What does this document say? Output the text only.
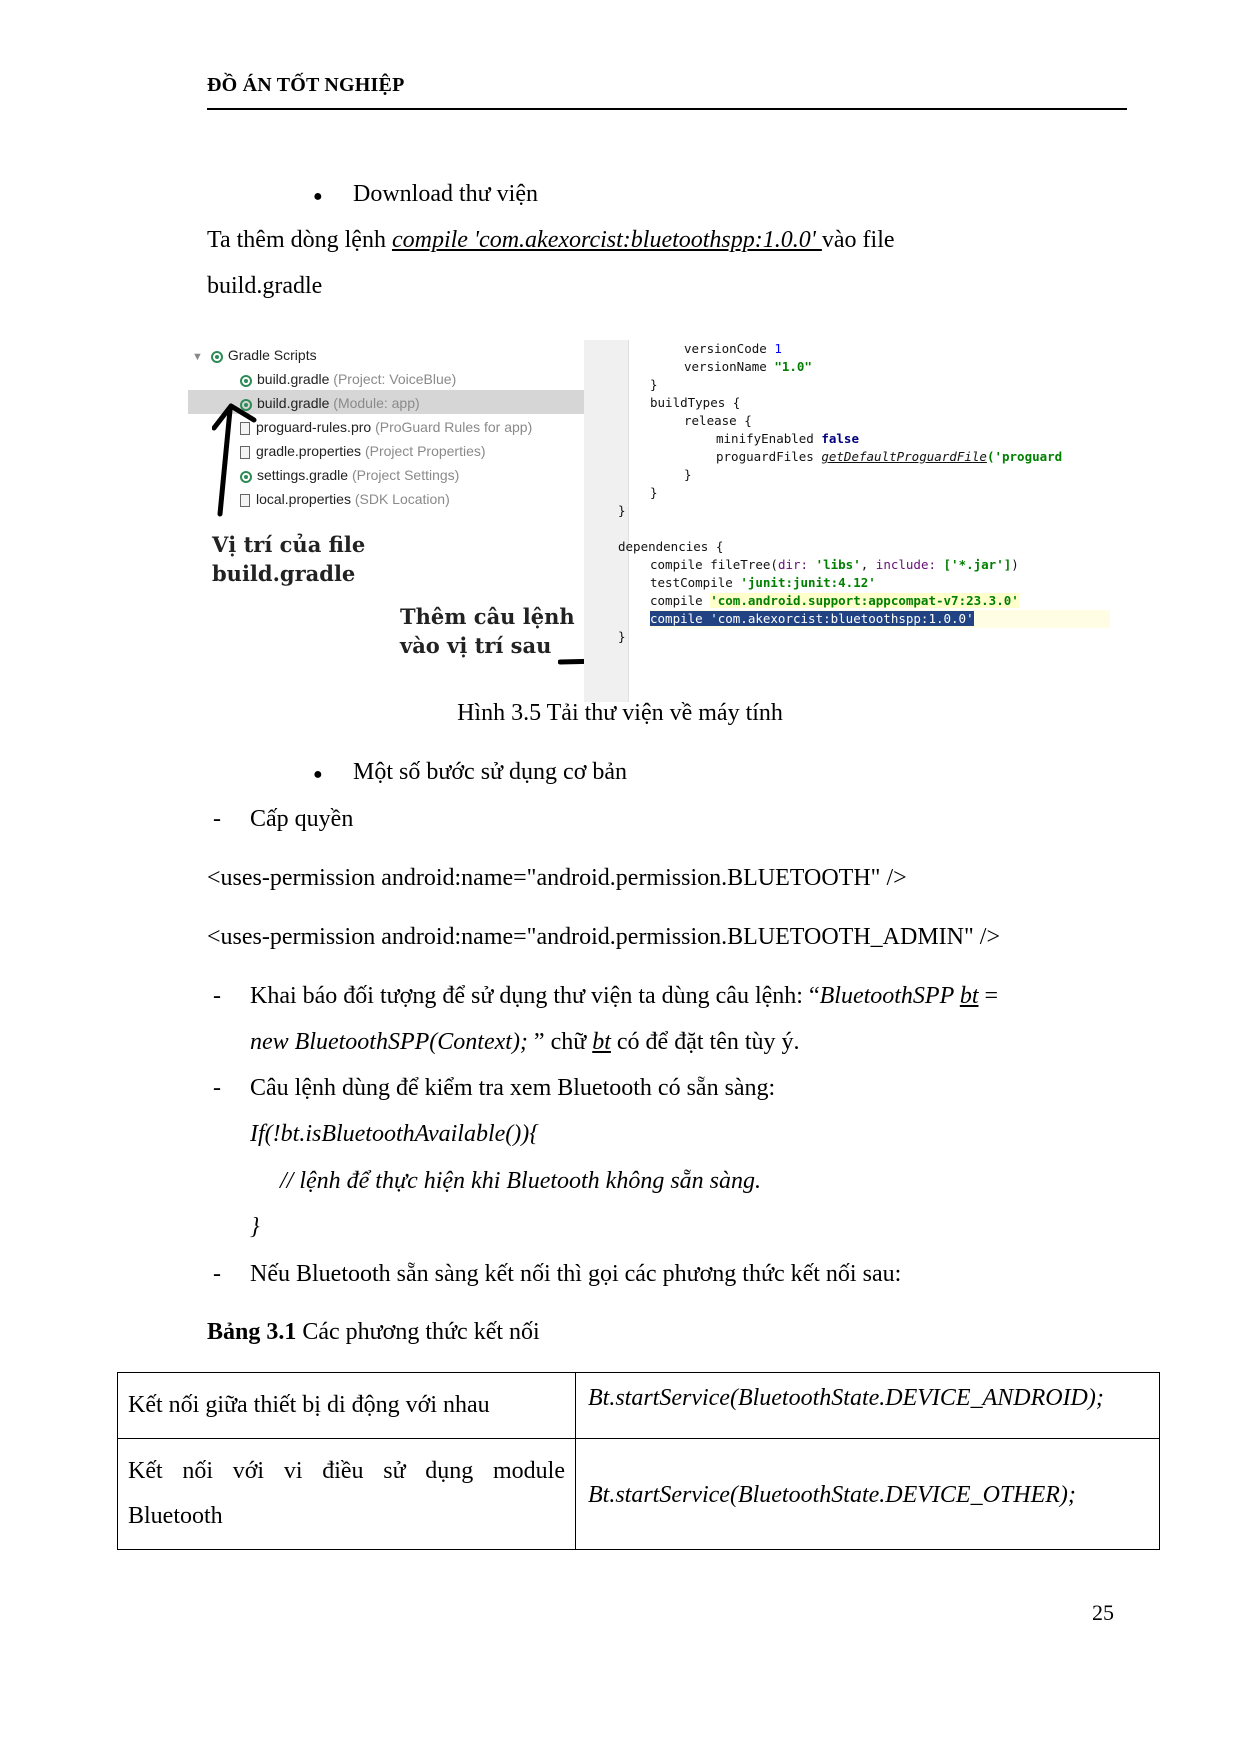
ĐỒ ÁN TỐT NGHIỆP
● Download thư viện
Ta thêm dòng lệnh compile 'com.akexorcist:bluetoothspp:1.0.0' vào file
build.gradle
▼ Gradle Scripts
build.gradle (Project: VoiceBlue)
build.gradle (Module: app)
proguard-rules.pro (ProGuard Rules for app)
gradle.properties (Project Properties)
settings.gradle (Project Settings)
local.properties (SDK Location)
Vị trí của file
build.gradle
Thêm câu lệnh
vào vị trí sau
versionCode 1
versionName "1.0"
}
buildTypes {
release {
minifyEnabled false
proguardFiles getDefaultProguardFile('proguard
}
}
}
dependencies {
compile fileTree(dir: 'libs', include: ['*.jar'])
testCompile 'junit:junit:4.12'
compile 'com.android.support:appcompat-v7:23.3.0'
compile 'com.akexorcist:bluetoothspp:1.0.0'
}
Hình 3.5 Tải thư viện về máy tính
● Một số bước sử dụng cơ bản
- Cấp quyền
<uses-permission android:name="android.permission.BLUETOOTH" />
<uses-permission android:name="android.permission.BLUETOOTH_ADMIN" />
- Khai báo đối tượng để sử dụng thư viện ta dùng câu lệnh: “BluetoothSPP bt =
new BluetoothSPP(Context); ” chữ bt có để đặt tên tùy ý.
- Câu lệnh dùng để kiểm tra xem Bluetooth có sẵn sàng:
If(!bt.isBluetoothAvailable()){
// lệnh để thực hiện khi Bluetooth không sẵn sàng.
}
- Nếu Bluetooth sẵn sàng kết nối thì gọi các phương thức kết nối sau:
Bảng 3.1 Các phương thức kết nối
Kết nối giữa thiết bị di động với nhau	Bt.startService(BluetoothState.DEVICE_ANDROID);
Kết nối với vi điều sử dụng module Bluetooth	Bt.startService(BluetoothState.DEVICE_OTHER);
25
